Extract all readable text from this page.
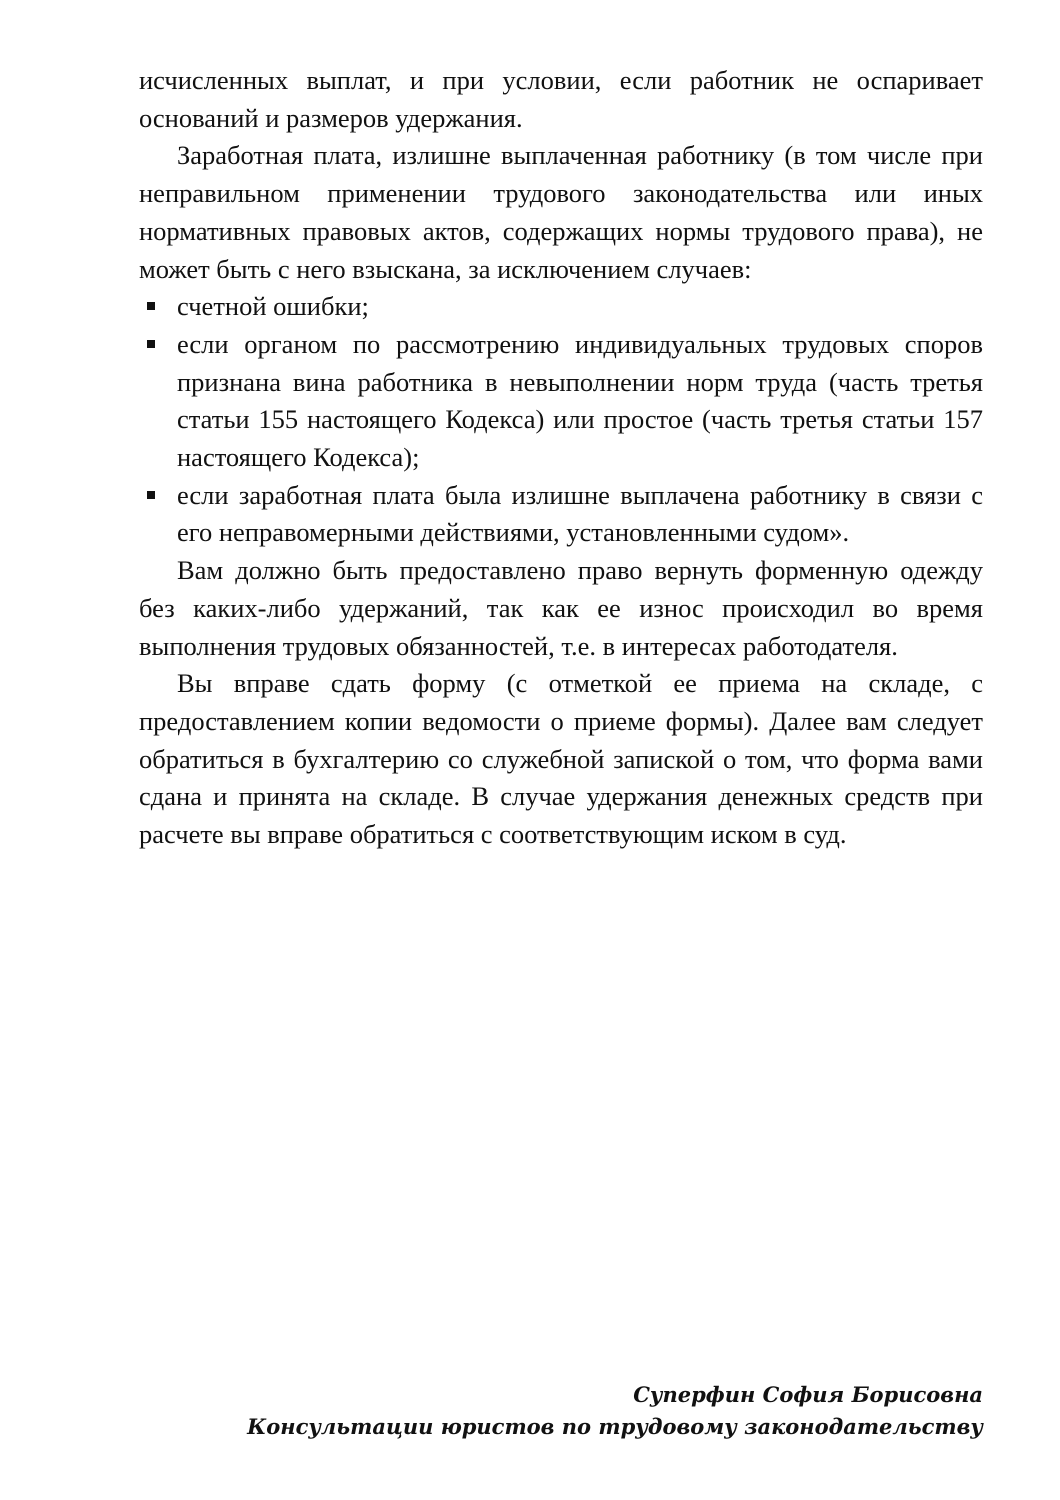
исчисленных выплат, и при условии, если работник не оспаривает оснований и размеров удержания.

Заработная плата, излишне выплаченная работнику (в том числе при неправильном применении трудового законодательства или иных нормативных правовых актов, содержащих нормы трудового права), не может быть с него взыскана, за исключением случаев:

счетной ошибки;
если органом по рассмотрению индивидуальных трудовых споров признана вина работника в невыполнении норм труда (часть третья статьи 155 настоящего Кодекса) или простое (часть третья статьи 157 настоящего Кодекса);
если заработная плата была излишне выплачена работнику в связи с его неправомерными действиями, установленными судом».

Вам должно быть предоставлено право вернуть форменную одежду без каких-либо удержаний, так как ее износ происходил во время выполнения трудовых обязанностей, т.е. в интересах работодателя.

Вы вправе сдать форму (с отметкой ее приема на складе, с предоставлением копии ведомости о приеме формы). Далее вам следует обратиться в бухгалтерию со служебной запиской о том, что форма вами сдана и принята на складе. В случае удержания денежных средств при расчете вы вправе обратиться с соответствующим иском в суд.

Суперфин София Борисовна
Консультации юристов по трудовому законодательству
